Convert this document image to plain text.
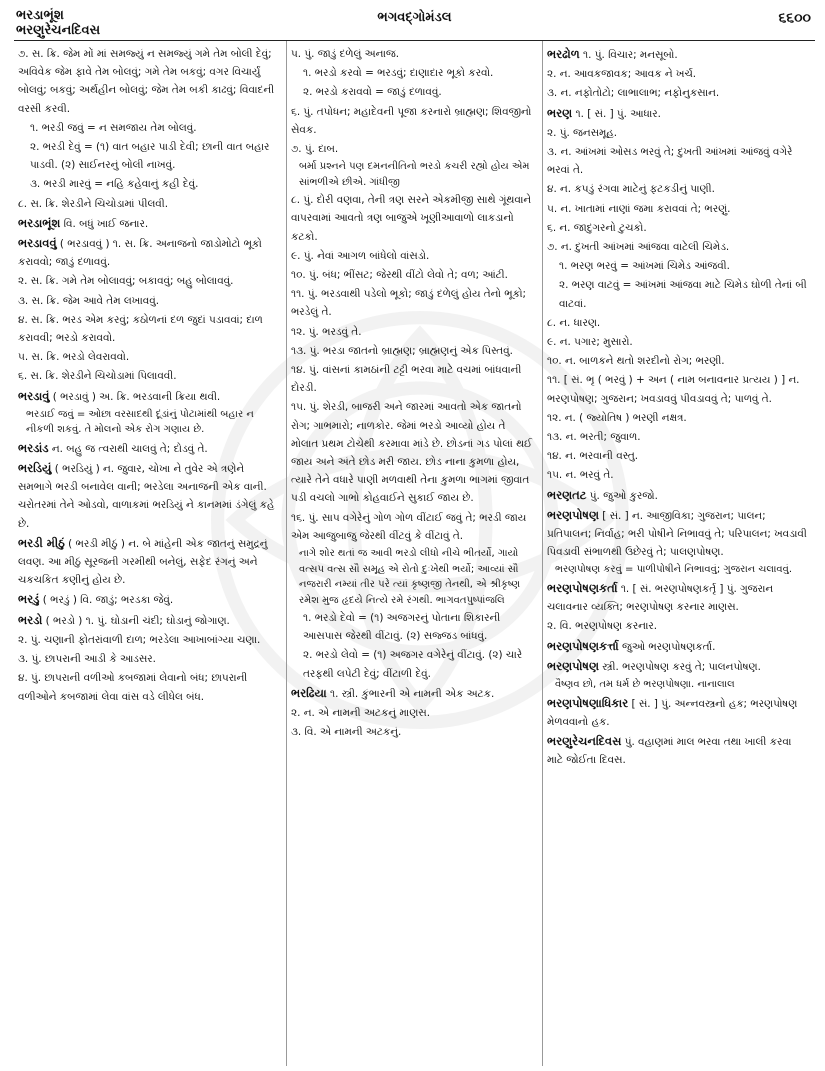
ભરડાભૂંશ
ભરણુરેચનદિવસ
ભગવદ્ગોમંડલ	૬૬૦૦
૭. સ. ક્રિ. જેમ મોં માં સમજ્યું ન સમજ્યું ગમે તેમ બોલી દેવું; અવિવેક જેમ ફાવે તેમ બોલવું; ગમે તેમ બકવું; વગર વિચાર્યું બોલવું; બકવું; અર્થહીન બોલવું; જેમ તેમ બકી કાઢવું; વિવાદની વરસી કરવી.
૧. ભરડી જવું = ન સમજાય તેમ બોલવું.
૨. ભરડી દેવું = (૧) વાત બહાર પાડી દેવી; છાની વાત બહાર પાડવી. (૨) સાઈનરનું બોલી નાખવું.
૩. ભરડી મારવું = નહિ કહેવાનું કહી દેવું.
૮. સ. ક્રિ. શેરડીને ચિચોડામાં પીલવી.
ભરડાભૂંશ વિ. બધું ખાઈ જનાર.
ભરડાવવું ( ભરડાવવું ) ૧. સ. ક્રિ. અનાજનો જાડોમોટો ભૂકો કરાવવો; જાડું દળાવવું.
૨. સ. ક્રિ. ગમે તેમ બોલાવવું; બકાવવું; બહુ બોલાવવું.
૩. સ. ક્રિ. જેમ આવે તેમ લખાવવું.
૪. સ. ક્રિ. ભરડ એમ કરવું; કઠોળનાં દળ જુદાં પડાવવાં; દાળ કરાવવી; ભરડો કરાવવો.
૫. સ. ક્રિ. ભરડો લેવરાવવો.
૬. સ. ક્રિ. શેરડીને ચિચોડામાં પિલાવવી.
ભરડાવું ( ભરડાવું ) અ. ક્રિ. ભરડવાની ક્રિયા થવી.
ભરડાઈ જવું = ઓછા વરસાદથી દૂંડાંનું પોટામાંથી બહાર ન નીકળી શકવું. તે મોલનો એક રોગ ગણાય છે.
ભરડાંડ ન. બહુ જ ત્વરાથી ચાલવું તે; દોડવું તે.
ભરડિયું ( ભરડિયું ) ન. જુવાર, ચોખા ને તુવેર એ ત્રણેને સમભાગે ભરડી બનાવેલ વાની; ભરડેલા અનાજની એક વાની. ચરોતરમાં તેને ઓડવો, વાળાકમાં ભરડિયું ને કાનમમાં ડંગેલું કહે છે.
ભરડી મીઠું ( ભરડી મીઠું ) ન. બે માંહેની એક જાતનું સમુદ્રનું લવણ. આ મીઠું સૂરજની ગરમીથી બનેલું, સફેદ રંગનું અને ચકચકિત કણીનું હોય છે.
ભરડું ( ભરડું ) વિ. જાડું; ભરડકા જેવું.
ભરડો ( ભરડો ) ૧. પું. ઘોડાની ચંદી; ઘોડાનું જોગાણ.
૨. પું. ચણાની ફોતરાંવાળી દાળ; ભરડેલા આખાબાંગ્યા ચણા.
૩. પું. છાપરાની આડી કે આડસર.
૪. પું. છાપરાની વળીઓ કબજામાં લેવાનો બંધ; છાપરાની વળીઓને કબજામાં લેવા વાંસ વડે લીધેલ બંધ.
પ. પું. જાડું દળેલું અનાજ.
૧. ભરડો કરવો = ભરડવું; દાણાદાર ભૂકો કરવો.
૨. ભરડો કરાવવો = જાડું દળાવવું.
૬. પું. તપોધન; મહાદેવની પૂજા કરનારો બ્રાહ્મણ; શિવજીનો સેવક.
૭. પું. દાબ.
બર્મા પ્રશ્નને પણ દમનનીતિનો ભરડો કચરી રહ્યો હોય એમ સાંભળીએ છીએ. ગાંધીજી
૮. પું. દોરી વણવા, તેની ત્રણ સરને એકમીજી સાથે ગૂંથવાને વાપરવામાં આવતો ત્રણ બાજુએ ખૂણીઆવાળો લાકડાનો કટકો.
૯. પું. નેવાં આગળ બાંધેલો વાંસડો.
૧૦. પું. બંધ; ભીંસટ; જેરથી વીંટો લેવો તે; વળ; આંટી.
૧૧. પું. ભરડવાથી પડેલો ભૂકો; જાડું દળેલું હોય તેનો ભૂકો; ભરડેલું તે.
૧૨. પું. ભરડવું તે.
૧૩. પું. ભરડા જાતનો બ્રાહ્મણ; બ્રાહ્મણનું એક પિસ્તવું.
૧૪. પું. વાંસનાં કામઠાંની ટટ્ટી ભરવા માટે વચમાં બાંધવાની દોરડી.
૧૫. પું. શેરડી, બાજરી અને જારમાં આવતો એક જાતનો રોગ; ગાભમારો; નાળકોર. જેમાં ભરડો આવ્યો હોય તે મોલાત પ્રથમ ટોચેથી કરમાવા માંડે છે. છોડનાં ગડ પોલાં થઈ જાય અને અંતે છોડ મરી જાય. છોડ નાના કુમળા હોય, ત્યારે તેને વધારે પાણી મળવાથી તેના કુમળા ભાગમાં જીવાત પડી વચલો ગાભો કોહવાઈને સુકાઈ જાય છે.
૧૬. પું. સાપ વગેરેનું ગોળ ગોળ વીંટાઈ જવું તે; ભરડી જાય એમ આજુબાજુ જેરથી વીંટવું કે વીંટાવું તે.
નાગે શોર થતાં જ આવી ભરડો લીધો નીચે ભીતર્યો, ગાયો વત્સપ વત્સ સૌ સમૂહ એ રોતો દુઃખેથી ભર્યો; આવ્યાં સૌ નજરારી નમ્યાં તીર પરે ત્યાં કૃષ્ણજી તેનથી, એ શ્રીકૃષ્ણ રમેશ મુજ હૃદયે નિત્યે રમે રંગથી. ભાગવતપુષ્પાંજલિ
૧. ભરડો દેવો = (૧) અજગરનું પોતાના શિકારની આસપાસ જેરથી વીંટાવું. (૨) સજ્જડ બાંધવું.
૨. ભરડો લેવો = (૧) અજગર વગેરેનું વીંટાવું. (૨) ચારે તરફથી લપેટી દેવું; વીંટાળી દેવું.
ભરઢિયા ૧. સ્ત્રી. કુંભારની એ નામની એક અટક.
૨. ન. એ નામની અટકનું માણસ.
૩. વિ. એ નામની અટકનું.
ભરઢોળ ૧. પું. વિચાર; મનસૂબો.
૨. ન. આવકજાવક; આવક ને ખર્ચ.
૩. ન. નફોતોટો; લાભાલાભ; નફોનુકસાન.
ભરણ ૧. [ સં. ] પું. આધાર.
૨. પું. જનસમૂહ.
૩. ન. આંખમાં ઓસડ ભરવું તે; દુખતી આંખમાં આંજવું વગેરે ભરવાં તે.
૪. ન. કપડું રંગવા માટેનું ફટકડીનું પાણી.
૫. ન. ખાતામાં નાણાં જમા કરાવવાં તે; ભરણું.
૬. ન. જાદુગરનો ટુચકો.
૭. ન. દુખતી આંખમાં આંજવા વાટેલી ચિમેડ.
૧. ભરણ ભરવું = આંખમાં ચિમેડ આંજવી.
૨. ભરણ વાટવું = આંખમાં આંજવા માટે ચિમેડ ઘોળી તેનાં બી વાટવાં.
૮. ન. ધારણ.
૯. ન. પગાર; મુસારો.
૧૦. ન. બાળકને થતો શરદીનો રોગ; ભરણી.
૧૧. [ સં. ભૃ ( ભરવું ) + અન ( નામ બનાવનાર પ્રત્યય ) ] ન. ભરણપોષણ; ગુજરાન; ખવડાવવું પીવડાવવું તે; પાળવું તે.
૧૨. ન. ( જ્યોતિષ ) ભરણી નક્ષત્ર.
૧૩. ન. ભરતી; જુવાળ.
૧૪. ન. ભરવાની વસ્તુ.
૧૫. ન. ભરવું તે.
ભરણતટ પું. જુઓ કુરજો.
ભરણપોષણ [ સં. ] ન. આજીવિકા; ગુજરાન; પાલન; પ્રતિપાલન; નિર્વાહ; ભરી પોષીને નિભાવવું તે; પરિપાલન; ખવડાવી પિવડાવી સંભાળથી ઉછેરવું તે; પાલણપોષણ.
ભરણપોષણ કરવું = પાળીપોષીને નિભાવવું; ગુજરાન ચલાવવું.
ભરણપોષણકર્તા ૧. [ સં. ભરણપોષણકર્તૃ ] પું. ગુજરાન ચલાવનાર વ્યક્તિ; ભરણપોષણ કરનાર માણસ.
૨. વિ. ભરણપોષણ કરનાર.
ભરણપોષણકર્ત્તા જુઓ ભરણપોષણકર્તા.
ભરણપોષણ સ્ત્રી. ભરણપોષણ કરવું તે; પાલનપોષણ.
વૈષ્ણવ છો, તમ ધર્મ છે ભરણપોષણા. નાનાલાલ
ભરણપોષણાધિકાર [ સં. ] પું. અન્નવસ્ત્રનો હક; ભરણપોષણ મેળવવાનો હક.
ભરણુરેચનદિવસ પું. વહાણમાં માલ ભરવા તથા ખાલી કરવા માટે જોઈતા દિવસ.
